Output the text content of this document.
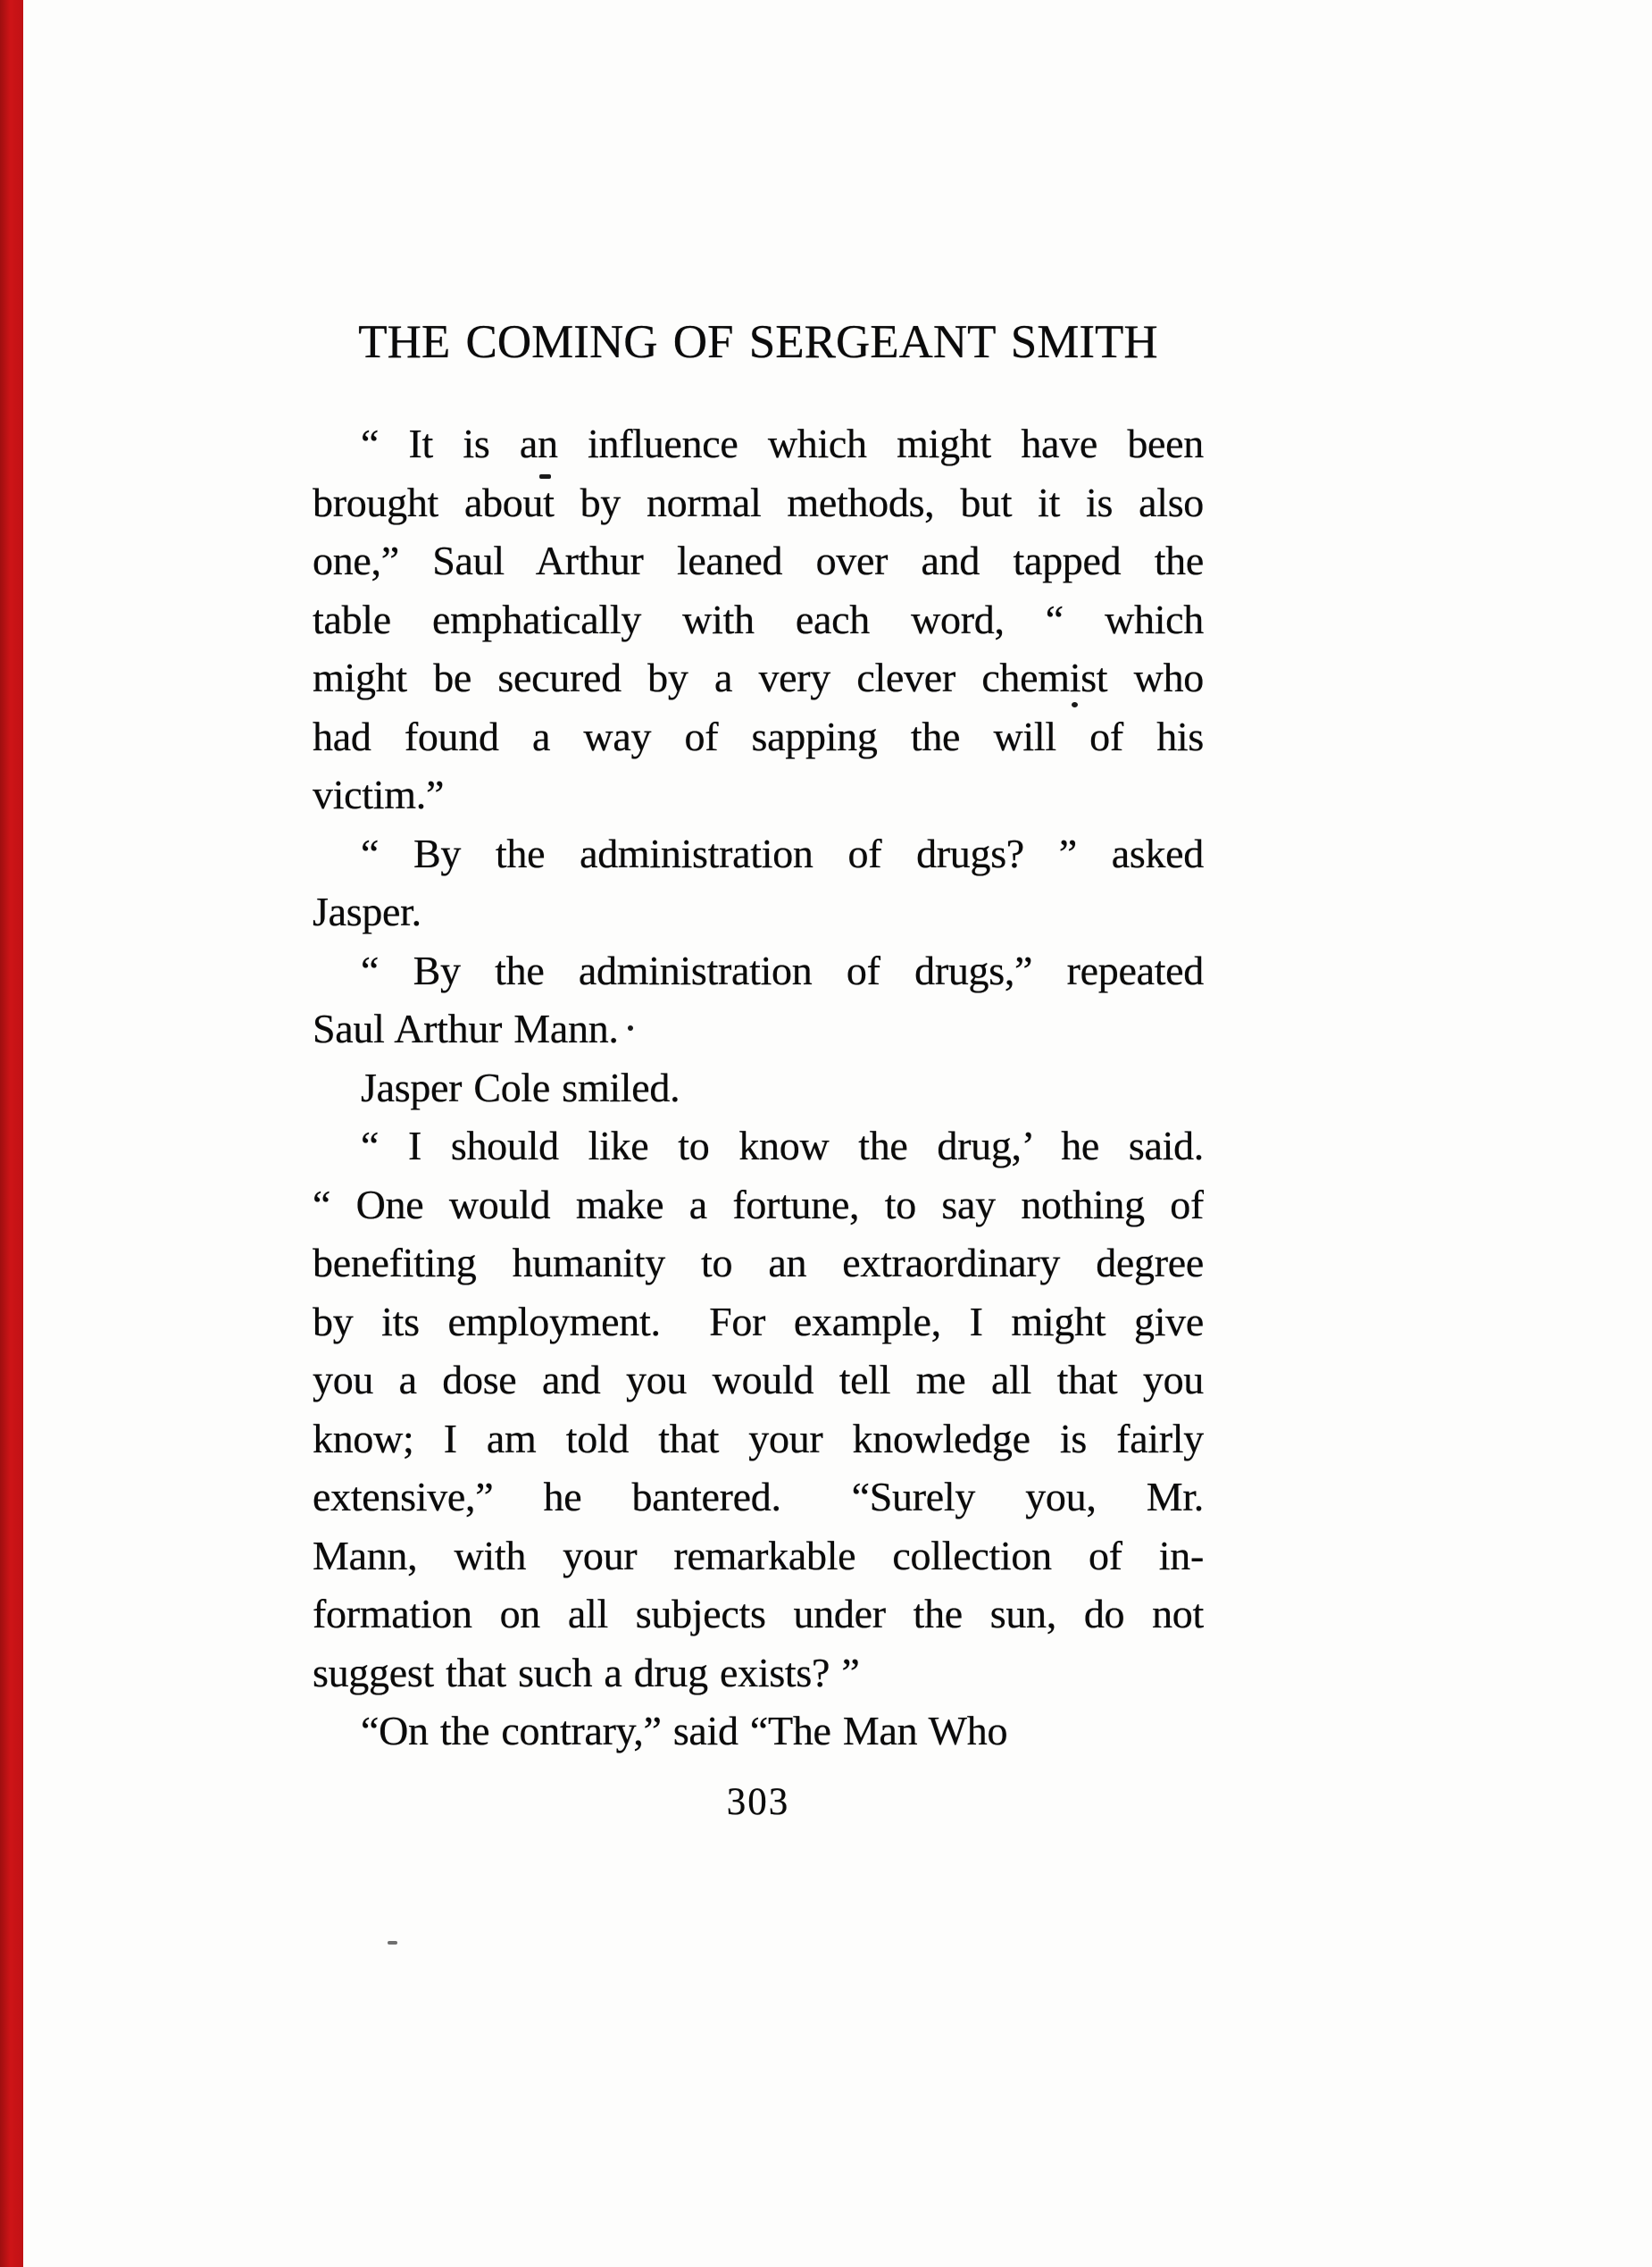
THE COMING OF SERGEANT SMITH
“ It is an influence which might have been
brought about by normal methods, but it is also
one,” Saul Arthur leaned over and tapped the
table emphatically with each word, “ which
might be secured by a very clever chemist who
had found a way of sapping the will of his
victim.”
“ By the administration of drugs? ” asked
Jasper.
“ By the administration of drugs,” repeated
Saul Arthur Mann.
Jasper Cole smiled.
“ I should like to know the drug,’ he said.
“ One would make a fortune, to say nothing of
benefiting humanity to an extraordinary degree
by its employment.  For example, I might give
you a dose and you would tell me all that you
know; I am told that your knowledge is fairly
extensive,” he bantered.  “Surely you, Mr.
Mann, with your remarkable collection of in-
formation on all subjects under the sun, do not
suggest that such a drug exists? ”
“On the contrary,” said “The Man Who
303
